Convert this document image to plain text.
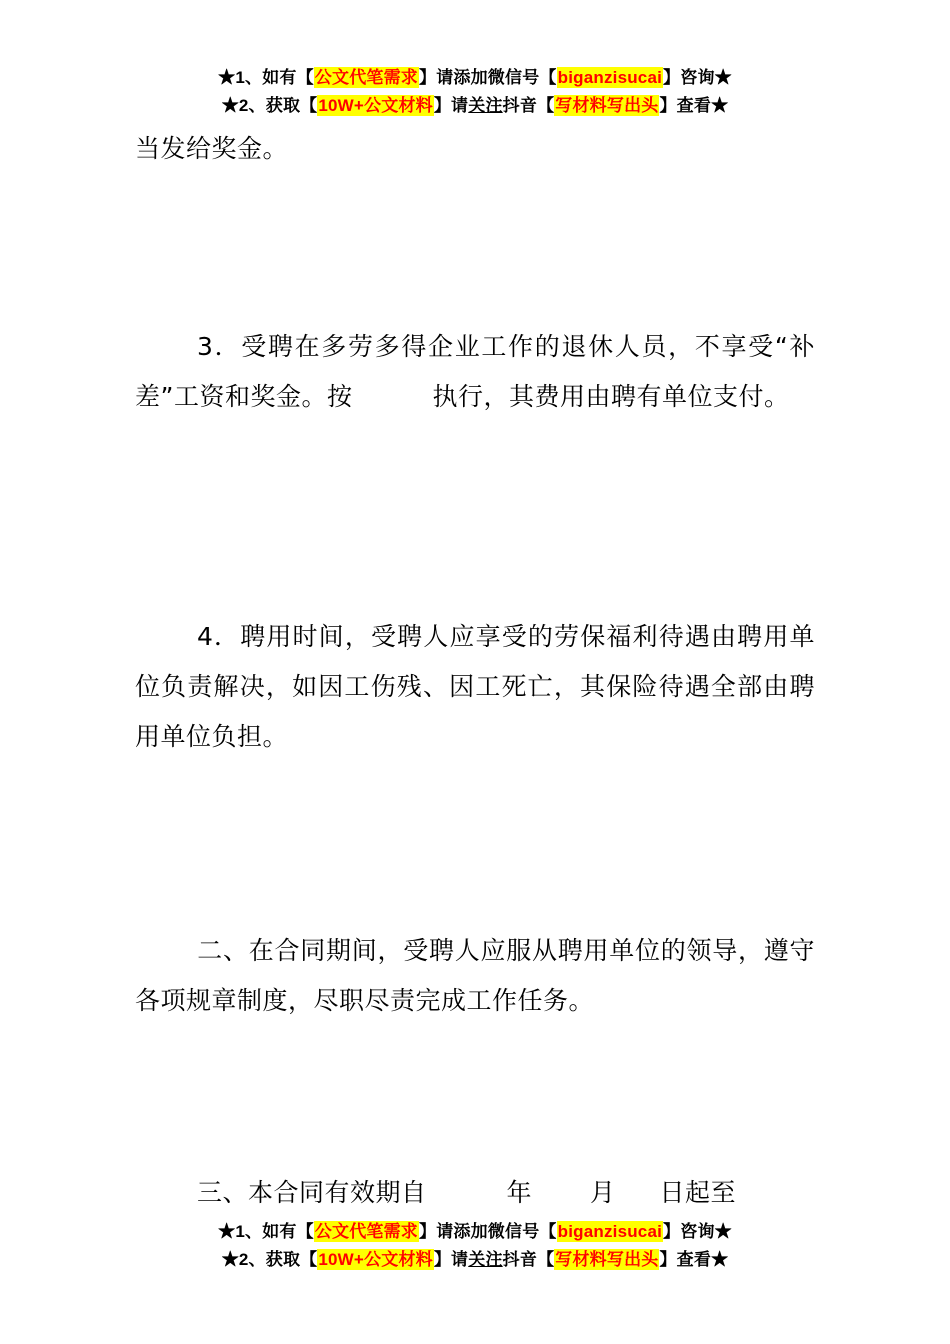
★1、如有【公文代笔需求】请添加微信号【biganzisucai】咨询★
★2、获取【10W+公文材料】请关注抖音【写材料写出头】查看★
当发给奖金。
3．受聘在多劳多得企业工作的退休人员，不享受“补差”工资和奖金。按	执行，其费用由聘有单位支付。
4．聘用时间，受聘人应享受的劳保福利待遇由聘用单位负责解决，如因工伤残、因工死亡，其保险待遇全部由聘用单位负担。
二、在合同期间，受聘人应服从聘用单位的领导，遵守各项规章制度，尽职尽责完成工作任务。
三、本合同有效期自	年 月 日起至
★1、如有【公文代笔需求】请添加微信号【biganzisucai】咨询★
★2、获取【10W+公文材料】请关注抖音【写材料写出头】查看★
